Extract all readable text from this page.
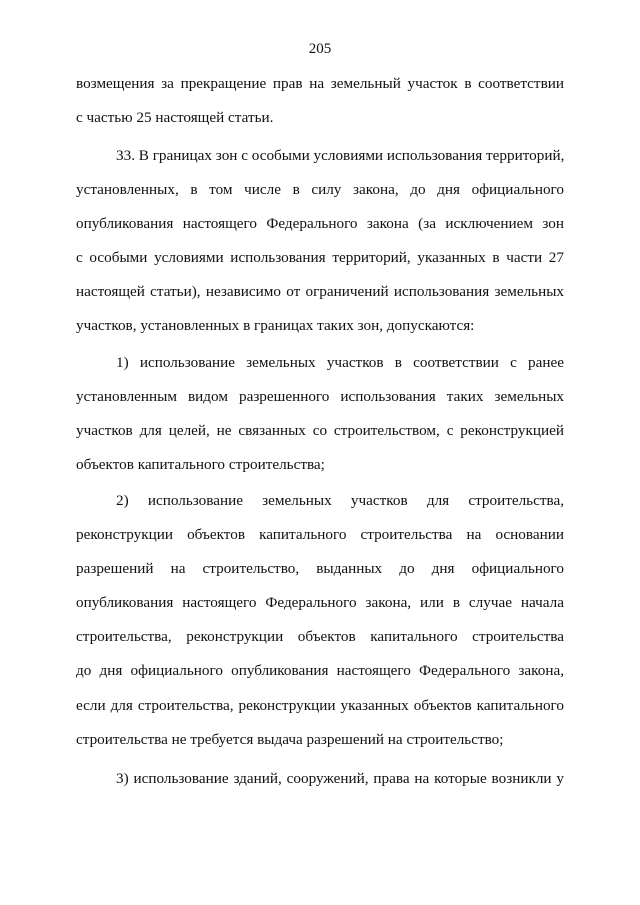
205
возмещения за прекращение прав на земельный участок в соответствии
с частью 25 настоящей статьи.
33. В границах зон с особыми условиями использования территорий,
установленных, в том числе в силу закона, до дня официального
опубликования настоящего Федерального закона (за исключением зон
с особыми условиями использования территорий, указанных в части 27
настоящей статьи), независимо от ограничений использования земельных
участков, установленных в границах таких зон, допускаются:
1) использование земельных участков в соответствии с ранее
установленным видом разрешенного использования таких земельных
участков для целей, не связанных со строительством, с реконструкцией
объектов капитального строительства;
2) использование земельных участков для строительства,
реконструкции объектов капитального строительства на основании
разрешений на строительство, выданных до дня официального
опубликования настоящего Федерального закона, или в случае начала
строительства, реконструкции объектов капитального строительства
до дня официального опубликования настоящего Федерального закона,
если для строительства, реконструкции указанных объектов капитального
строительства не требуется выдача разрешений на строительство;
3) использование зданий, сооружений, права на которые возникли у
